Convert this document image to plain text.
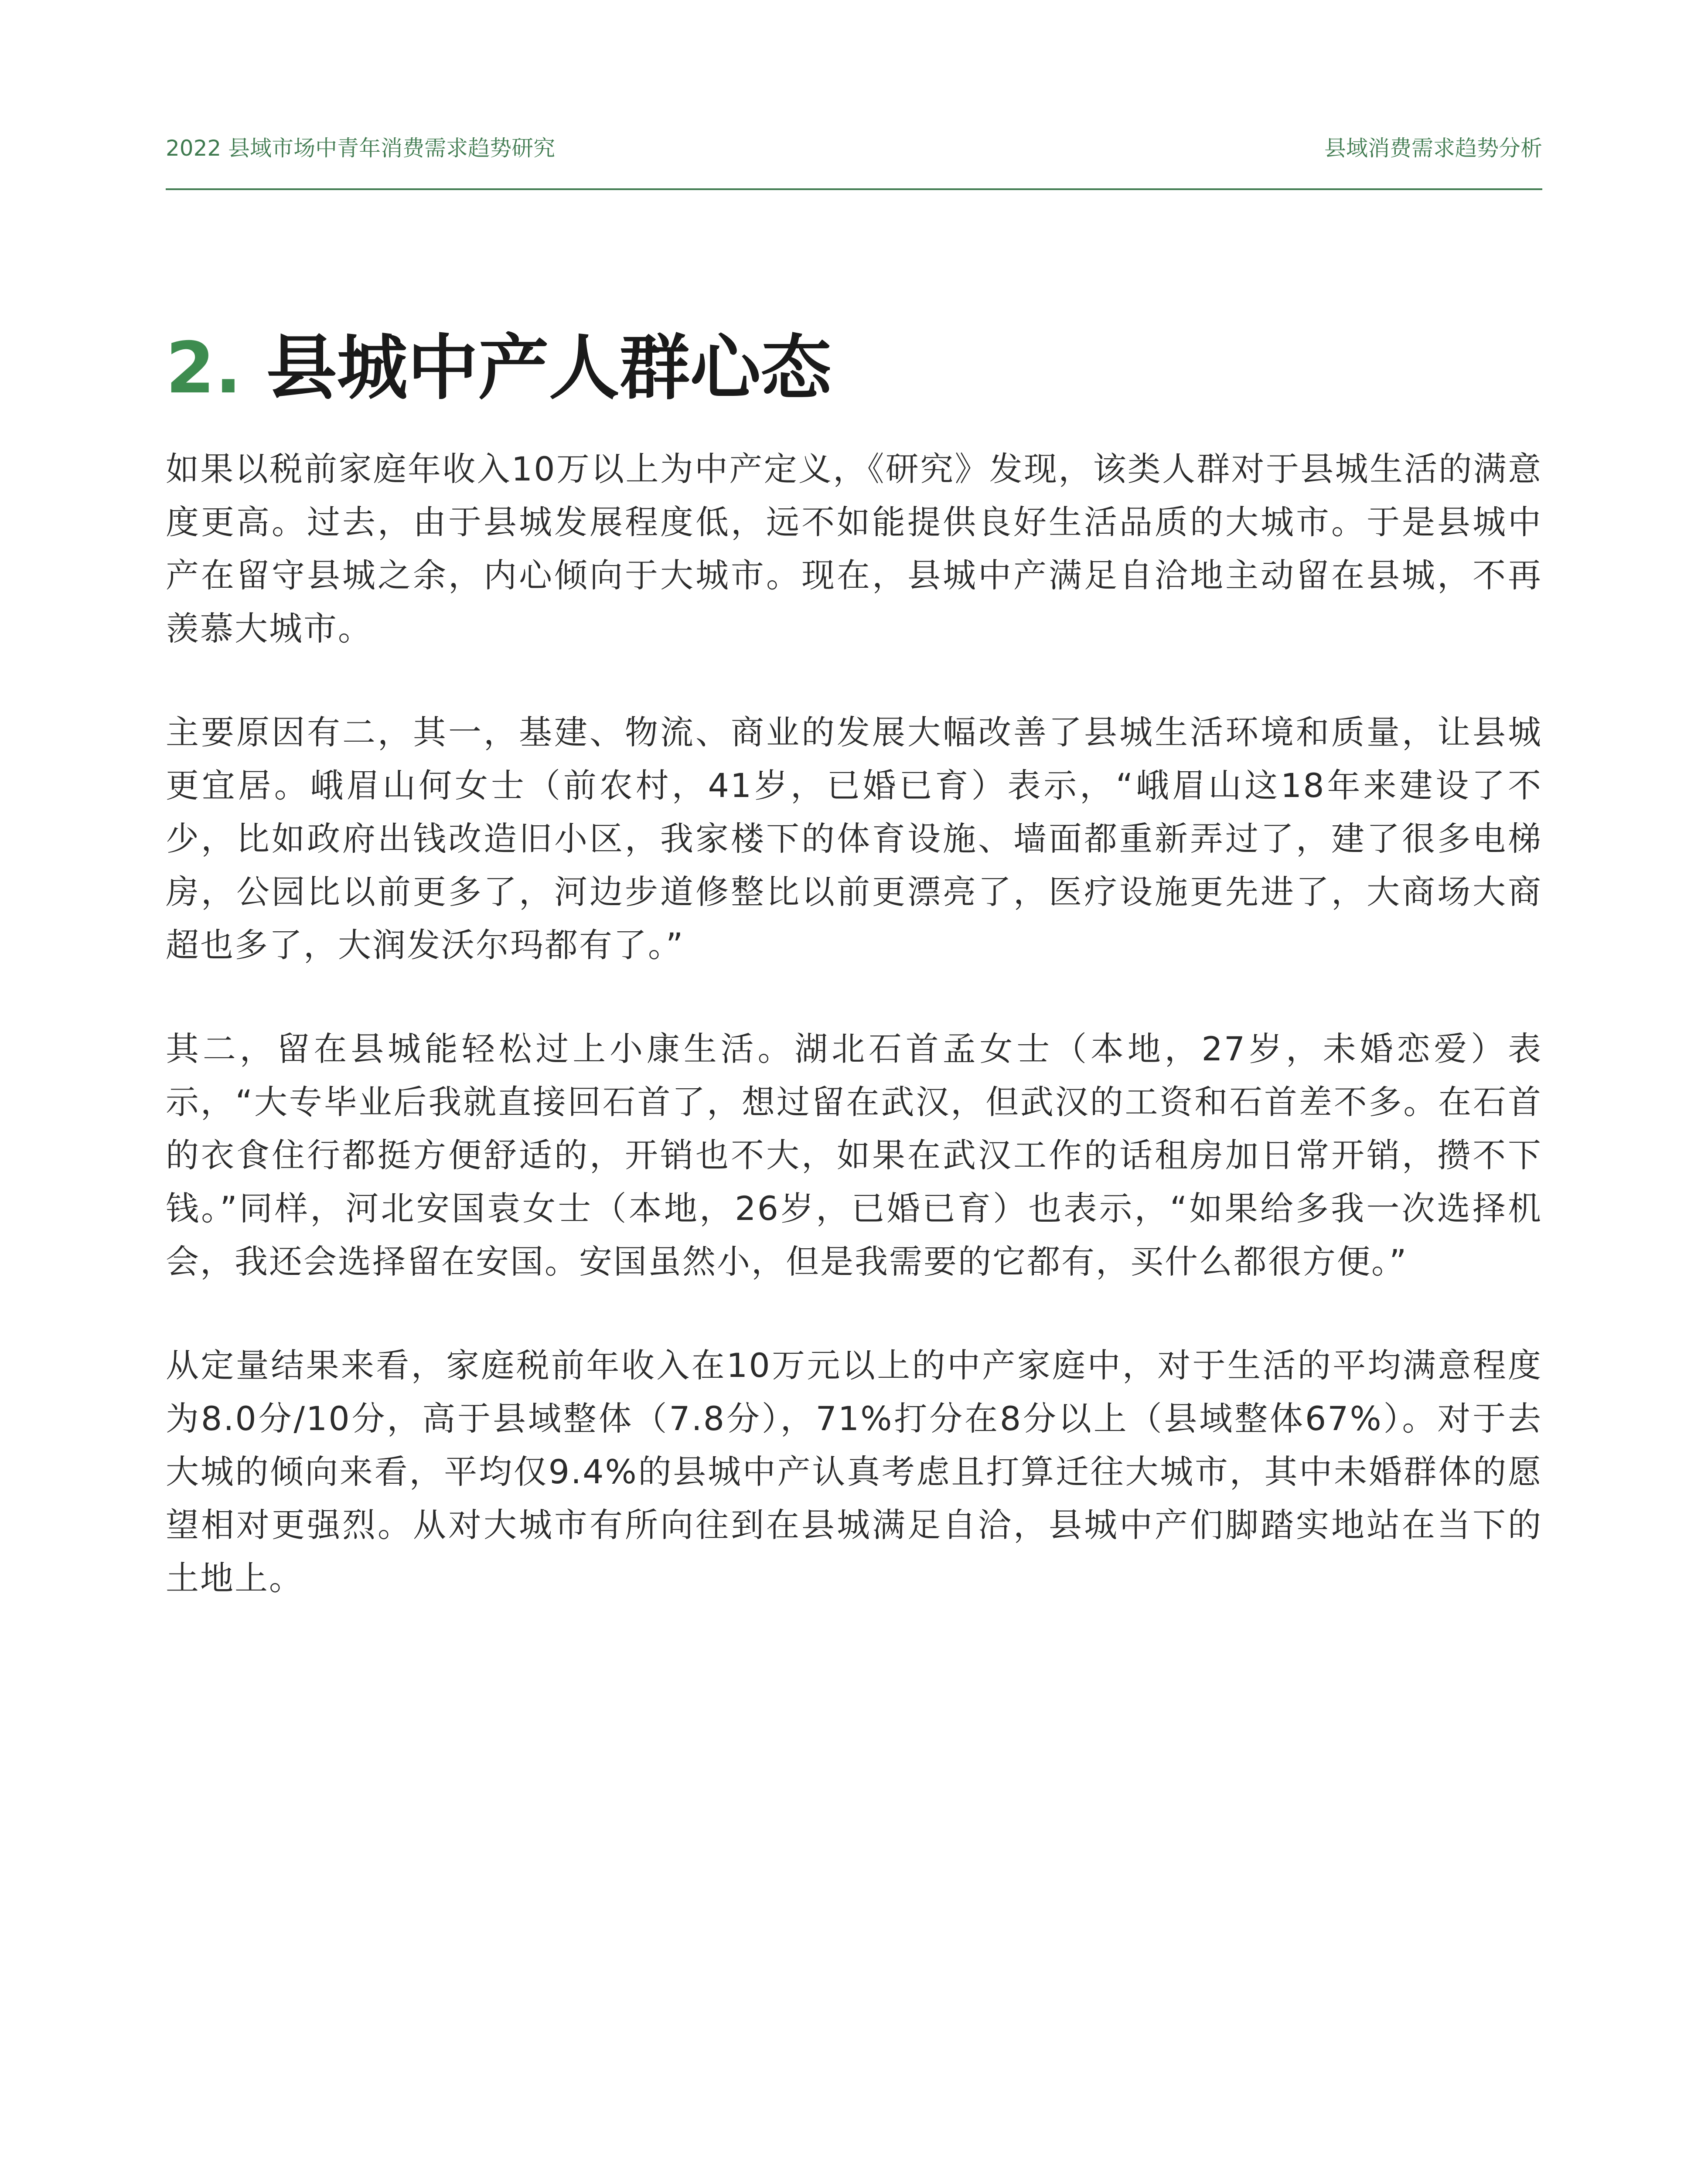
2022 县域市场中青年消费需求趋势研究	县域消费需求趋势分析
2. 县城中产人群心态

如果以税前家庭年收入10万以上为中产定义，《研究》发现，该类人群对于县城生活的满意度更高。过去，由于县城发展程度低，远不如能提供良好生活品质的大城市。于是县城中产在留守县城之余，内心倾向于大城市。现在，县城中产满足自洽地主动留在县城，不再羡慕大城市。

主要原因有二，其一，基建、物流、商业的发展大幅改善了县城生活环境和质量，让县城更宜居。峨眉山何女士（前农村，41岁，已婚已育）表示，“峨眉山这18年来建设了不少，比如政府出钱改造旧小区，我家楼下的体育设施、墙面都重新弄过了，建了很多电梯房，公园比以前更多了，河边步道修整比以前更漂亮了，医疗设施更先进了，大商场大商超也多了，大润发沃尔玛都有了。”

其二，留在县城能轻松过上小康生活。湖北石首孟女士（本地，27岁，未婚恋爱）表示，“大专毕业后我就直接回石首了，想过留在武汉，但武汉的工资和石首差不多。在石首的衣食住行都挺方便舒适的，开销也不大，如果在武汉工作的话租房加日常开销，攒不下钱。”同样，河北安国袁女士（本地，26岁，已婚已育）也表示，“如果给多我一次选择机会，我还会选择留在安国。安国虽然小，但是我需要的它都有，买什么都很方便。”

从定量结果来看，家庭税前年收入在10万元以上的中产家庭中，对于生活的平均满意程度为8.0分/10分，高于县域整体（7.8分），71%打分在8分以上（县域整体67%）。对于去大城的倾向来看，平均仅9.4%的县城中产认真考虑且打算迁往大城市，其中未婚群体的愿望相对更强烈。从对大城市有所向往到在县城满足自洽，县城中产们脚踏实地站在当下的土地上。
